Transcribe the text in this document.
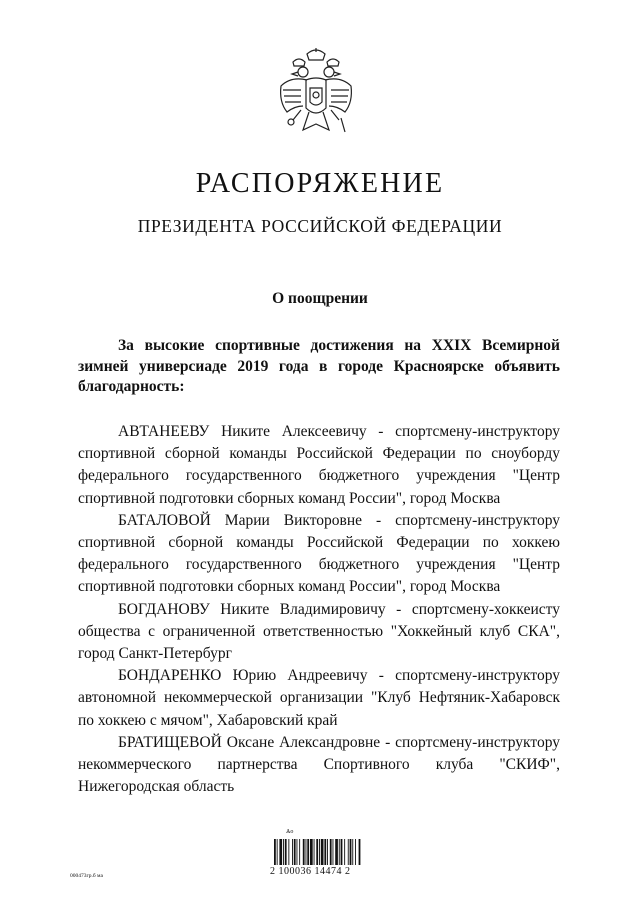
РАСПОРЯЖЕНИЕ
ПРЕЗИДЕНТА РОССИЙСКОЙ ФЕДЕРАЦИИ
О поощрении
За высокие спортивные достижения на XXIX Всемирной зимней универсиаде 2019 года в городе Красноярске объявить благодарность:

АВТАНЕЕВУ Никите Алексеевичу - спортсмену-инструктору спортивной сборной команды Российской Федерации по сноуборду федерального государственного бюджетного учреждения "Центр спортивной подготовки сборных команд России", город Москва

БАТАЛОВОЙ Марии Викторовне - спортсмену-инструктору спортивной сборной команды Российской Федерации по хоккею федерального государственного бюджетного учреждения "Центр спортивной подготовки сборных команд России", город Москва

БОГДАНОВУ Никите Владимировичу - спортсмену-хоккеисту общества с ограниченной ответственностью "Хоккейный клуб СКА", город Санкт-Петербург

БОНДАРЕНКО Юрию Андреевичу - спортсмену-инструктору автономной некоммерческой организации "Клуб Нефтяник-Хабаровск по хоккею с мячом", Хабаровский край

БРАТИЩЕВОЙ Оксане Александровне - спортсмену-инструктору некоммерческого партнерства Спортивного клуба "СКИФ", Нижегородская область

Ѧо
2 100036 14474 2
000473гр.б ма
